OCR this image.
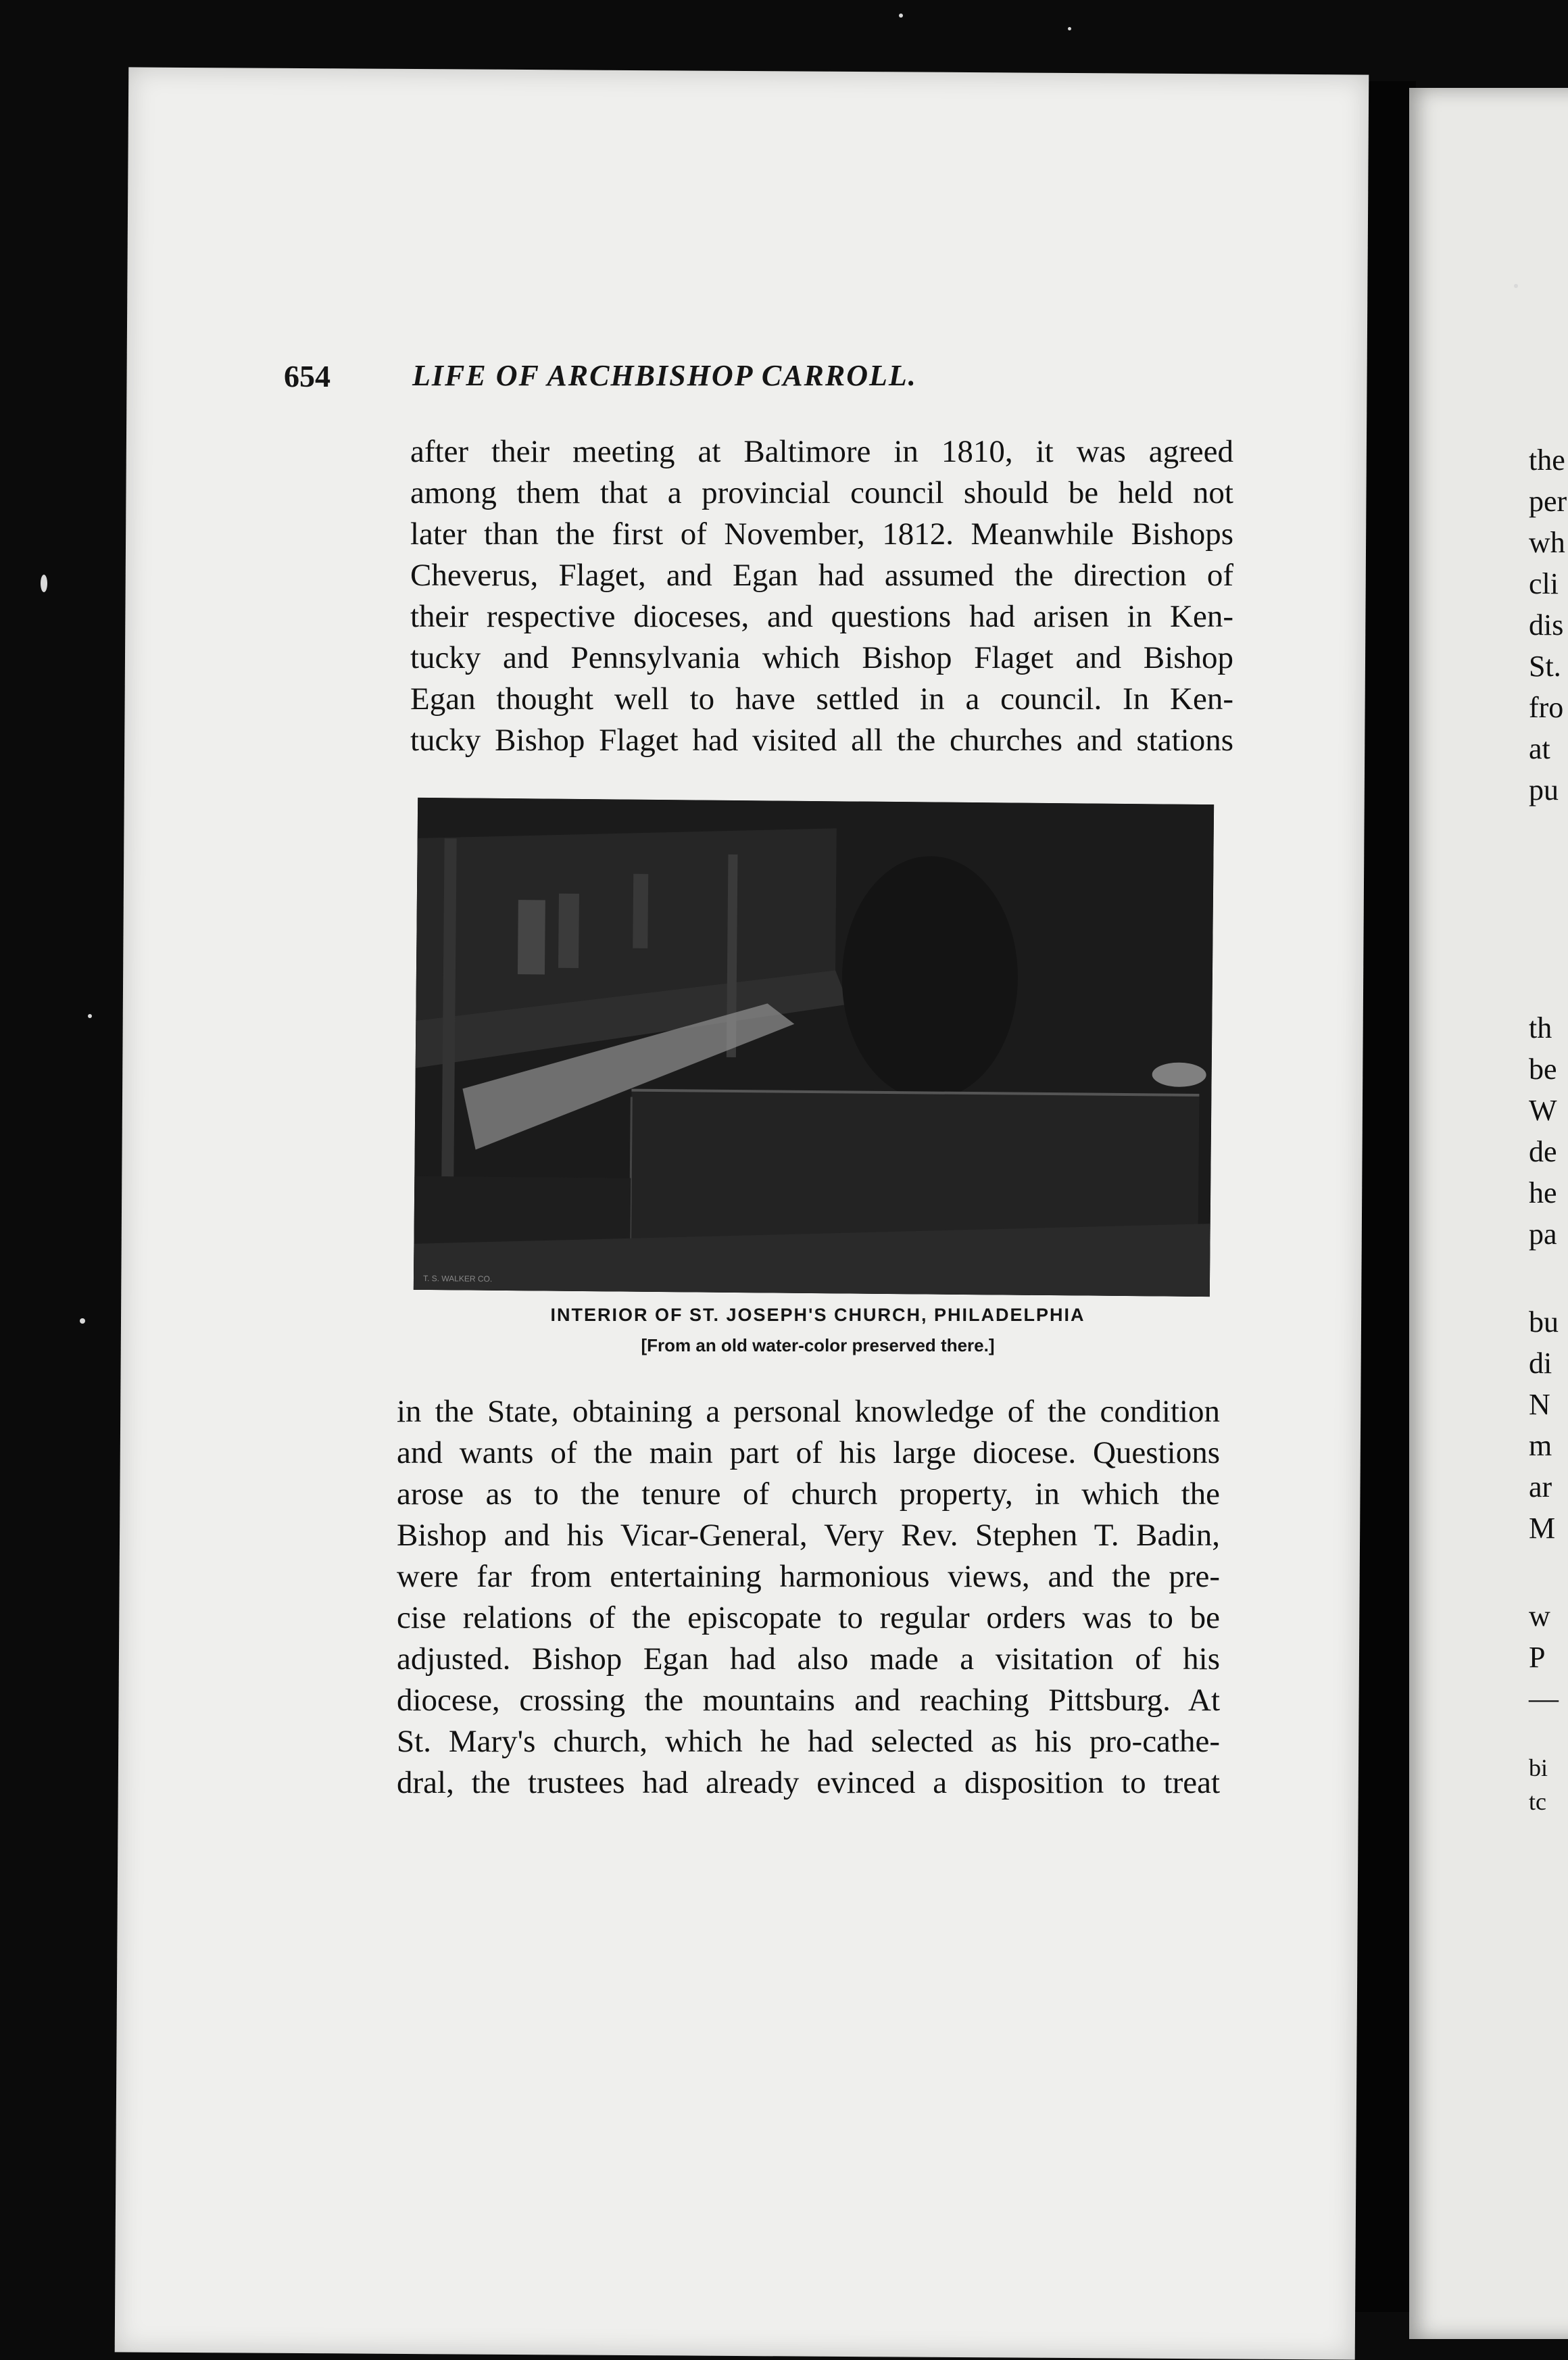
654	LIFE OF ARCHBISHOP CARROLL.
after their meeting at Baltimore in 1810, it was agreed
among them that a provincial council should be held not
later than the first of November, 1812. Meanwhile Bishops
Cheverus, Flaget, and Egan had assumed the direction of
their respective dioceses, and questions had arisen in Ken-
tucky and Pennsylvania which Bishop Flaget and Bishop
Egan thought well to have settled in a council. In Ken-
tucky Bishop Flaget had visited all the churches and stations
T. S. WALKER CO.
INTERIOR OF ST. JOSEPH'S CHURCH, PHILADELPHIA
[From an old water-color preserved there.]
in the State, obtaining a personal knowledge of the condition
and wants of the main part of his large diocese. Questions
arose as to the tenure of church property, in which the
Bishop and his Vicar-General, Very Rev. Stephen T. Badin,
were far from entertaining harmonious views, and the pre-
cise relations of the episcopate to regular orders was to be
adjusted. Bishop Egan had also made a visitation of his
diocese, crossing the mountains and reaching Pittsburg. At
St. Mary's church, which he had selected as his pro-cathe-
dral, the trustees had already evinced a disposition to treat
the
per
wh
cli
dis
St.
fro
at
pu
th
be
W
de
he
pa
bu
di
N
m
ar
M
w
P
—
bi
tc
